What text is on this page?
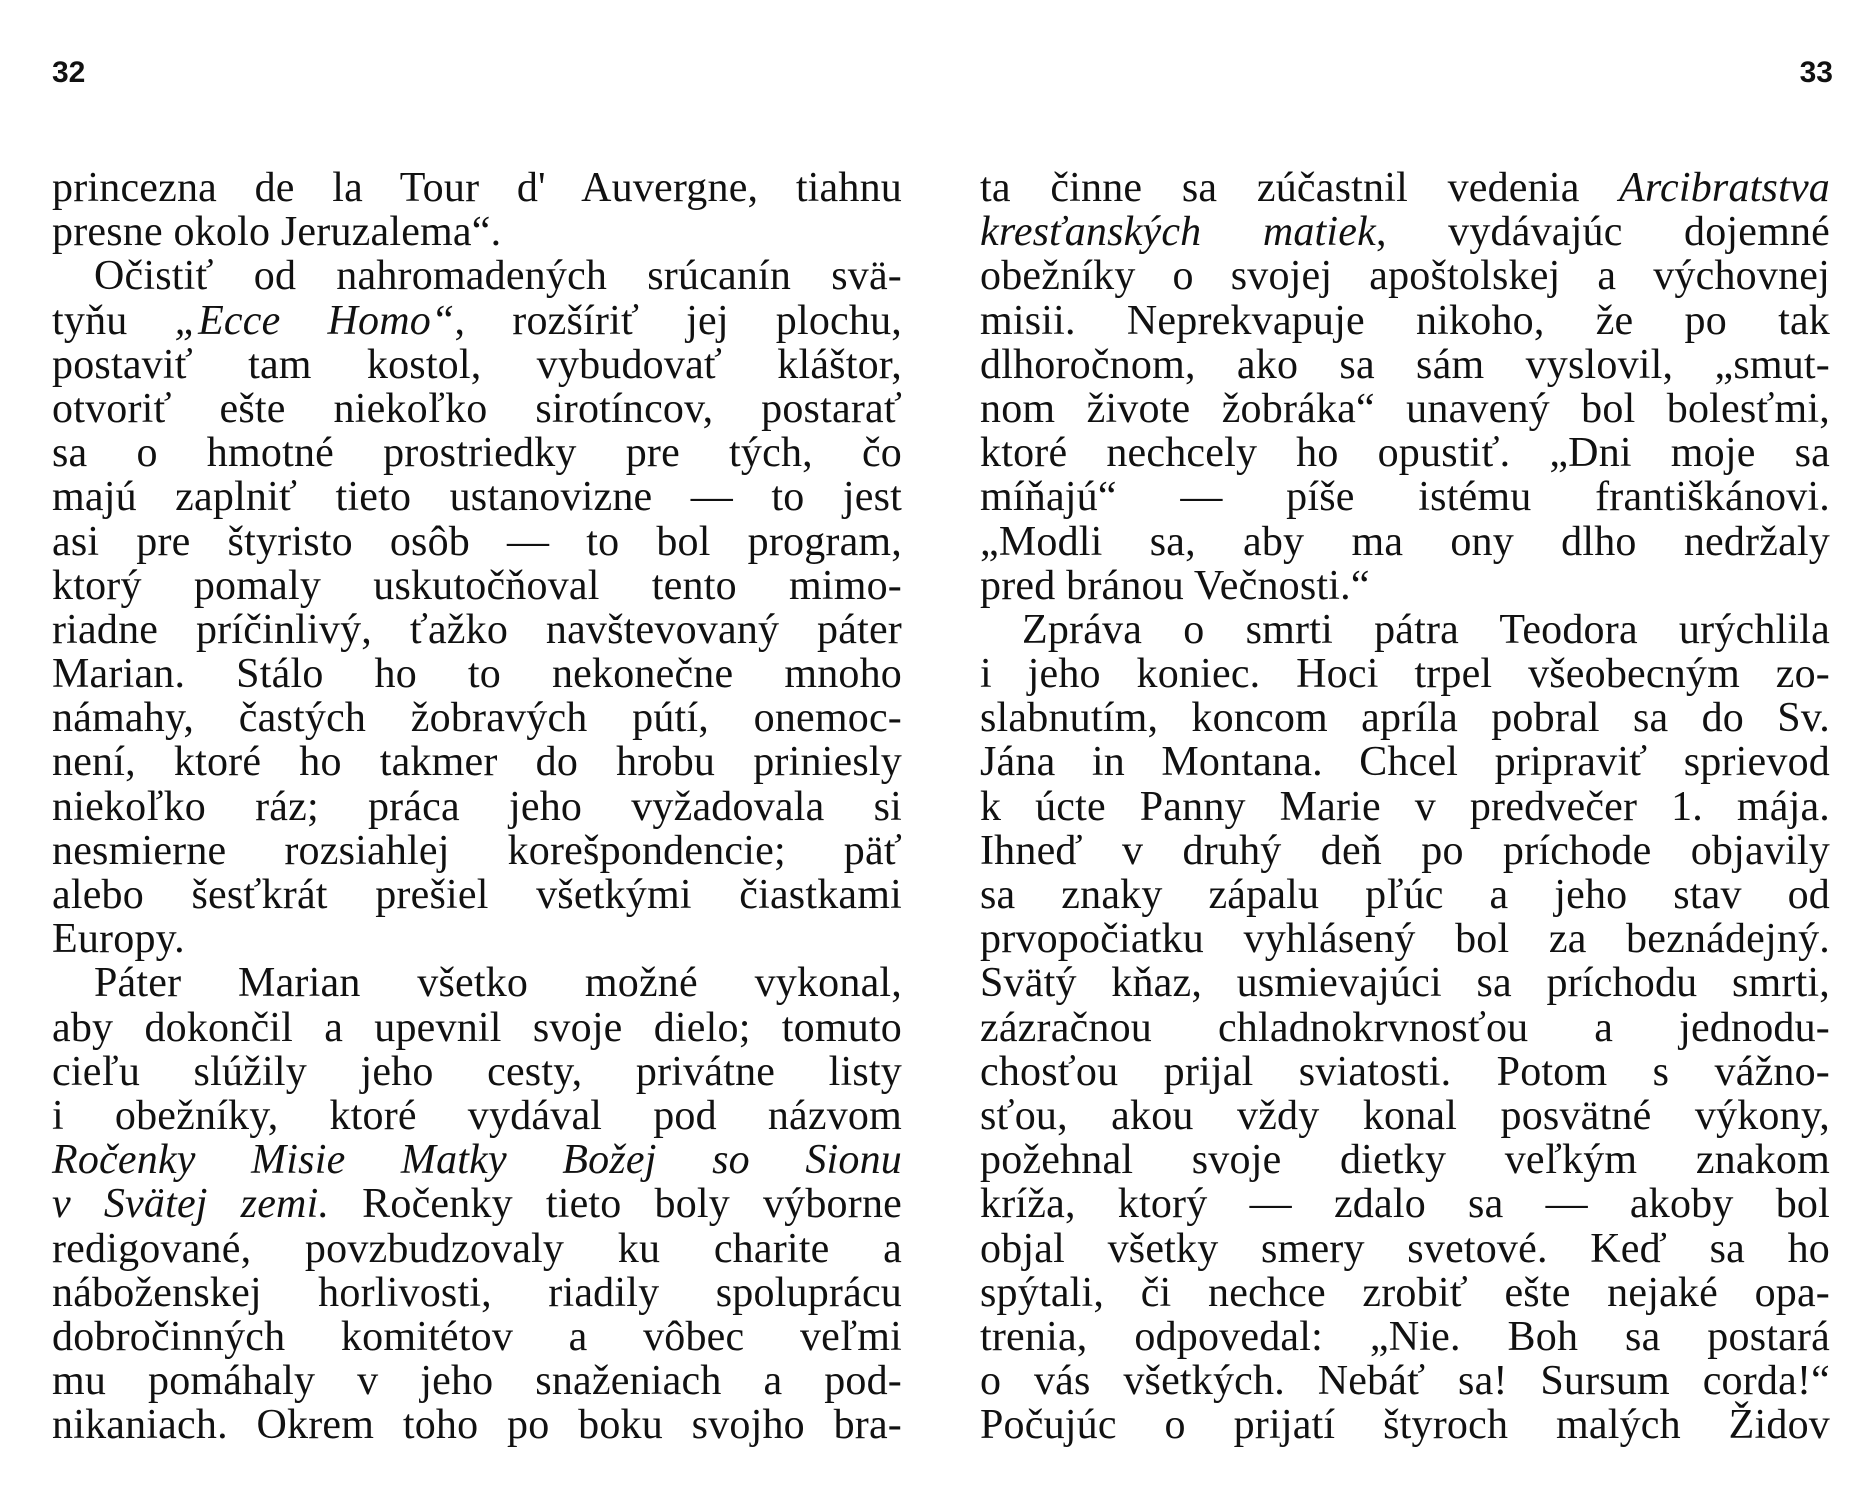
32	33
princezna de la Tour d' Auvergne, tiahnu
presne okolo Jeruzalema“.
Očistiť od nahromadených srúcanín svä-
tyňu „Ecce Homo“, rozšíriť jej plochu,
postaviť tam kostol, vybudovať kláštor,
otvoriť ešte niekoľko sirotíncov, postarať
sa o hmotné prostriedky pre tých, čo
majú zaplniť tieto ustanovizne — to jest
asi pre štyristo osôb — to bol program,
ktorý pomaly uskutočňoval tento mimo-
riadne príčinlivý, ťažko navštevovaný páter
Marian. Stálo ho to nekonečne mnoho
námahy, častých žobravých pútí, onemoc-
není, ktoré ho takmer do hrobu priniesly
niekoľko ráz; práca jeho vyžadovala si
nesmierne rozsiahlej korešpondencie; päť
alebo šesťkrát prešiel všetkými čiastkami
Europy.
Páter Marian všetko možné vykonal,
aby dokončil a upevnil svoje dielo; tomuto
cieľu slúžily jeho cesty, privátne listy
i obežníky, ktoré vydával pod názvom
Ročenky Misie Matky Božej so Sionu
v Svätej zemi. Ročenky tieto boly výborne
redigované, povzbudzovaly ku charite a
náboženskej horlivosti, riadily spoluprácu
dobročinných komitétov a vôbec veľmi
mu pomáhaly v jeho snaženiach a pod-
nikaniach. Okrem toho po boku svojho bra-
ta činne sa zúčastnil vedenia Arcibratstva
kresťanských matiek, vydávajúc dojemné
obežníky o svojej apoštolskej a výchovnej
misii. Neprekvapuje nikoho, že po tak
dlhoročnom, ako sa sám vyslovil, „smut-
nom živote žobráka“ unavený bol bolesťmi,
ktoré nechcely ho opustiť. „Dni moje sa
míňajú“ — píše istému františkánovi.
„Modli sa, aby ma ony dlho nedržaly
pred bránou Večnosti.“
Zpráva o smrti pátra Teodora urýchlila
i jeho koniec. Hoci trpel všeobecným zo-
slabnutím, koncom apríla pobral sa do Sv.
Jána in Montana. Chcel pripraviť sprievod
k úcte Panny Marie v predvečer 1. mája.
Ihneď v druhý deň po príchode objavily
sa znaky zápalu pľúc a jeho stav od
prvopočiatku vyhlásený bol za beznádejný.
Svätý kňaz, usmievajúci sa príchodu smrti,
zázračnou chladnokrvnosťou a jednodu-
chosťou prijal sviatosti. Potom s vážno-
sťou, akou vždy konal posvätné výkony,
požehnal svoje dietky veľkým znakom
kríža, ktorý — zdalo sa — akoby bol
objal všetky smery svetové. Keď sa ho
spýtali, či nechce zrobiť ešte nejaké opa-
trenia, odpovedal: „Nie. Boh sa postará
o vás všetkých. Nebáť sa! Sursum corda!“
Počujúc o prijatí štyroch malých Židov
